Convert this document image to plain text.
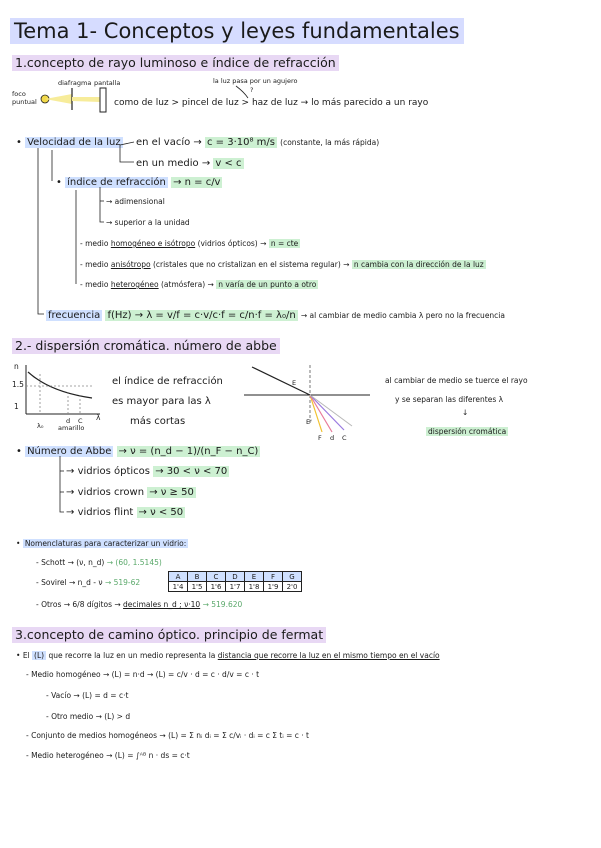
Tema 1- Conceptos y leyes fundamentales
1.concepto de rayo luminoso e índice de refracción
foco puntual
diafragma pantalla	la luz pasa por un agujero
?
como de luz > pincel de luz > haz de luz → lo más parecido a un rayo
• Velocidad de la luz en el vacío → c = 3·10⁸ m/s (constante, la más rápida)
en un medio → v < c
• índice de refracción → n = c/v
→ adimensional
→ superior a la unidad
- medio homogéneo e isótropo (vidrios ópticos) → n = cte
- medio anisótropo (cristales que no cristalizan en el sistema regular) → n cambia con la dirección de la luz
- medio heterogéneo (atmósfera) → n varía de un punto a otro
frecuencia f(Hz) → λ = v/f = c·v/c·f = c/n·f = λ₀/n → al cambiar de medio cambia λ pero no la frecuencia
2.- dispersión cromática. número de abbe
n
1.5
1
λ
λ₀
d C
amarillo
el índice de refracción
es mayor para las λ
más cortas
E
E'
F d C
al cambiar de medio se tuerce el rayo
y se separan las diferentes λ
↓
dispersión cromática
• Número de Abbe → ν = (n_d − 1)/(n_F − n_C)
→ vidrios ópticos → 30 < ν < 70
→ vidrios crown → ν ≥ 50
→ vidrios flint → ν < 50
• Nomenclaturas para caracterizar un vidrio:
- Schott → (ν, n_d) → (60, 1.5145)
- Sovirel → n_d - ν → 519-62
- Otros → 6/8 dígitos → decimales n_d ; ν·10 → 519.620
A	B	C	D	E	F	G
1'4	1'5	1'6	1'7	1'8	1'9	2'0
3.concepto de camino óptico. principio de fermat
• El (L) que recorre la luz en un medio representa la distancia que recorre la luz en el mismo tiempo en el vacío
- Medio homogéneo → (L) = n·d → (L) = c/v · d = c · d/v = c · t
- Vacío → (L) = d = c·t
- Otro medio → (L) > d
- Conjunto de medios homogéneos → (L) = Σ nᵢ dᵢ = Σ c/vᵢ · dᵢ = c Σ tᵢ = c · t
- Medio heterogéneo → (L) = ∫ᴬᴮ n · ds = c·t
